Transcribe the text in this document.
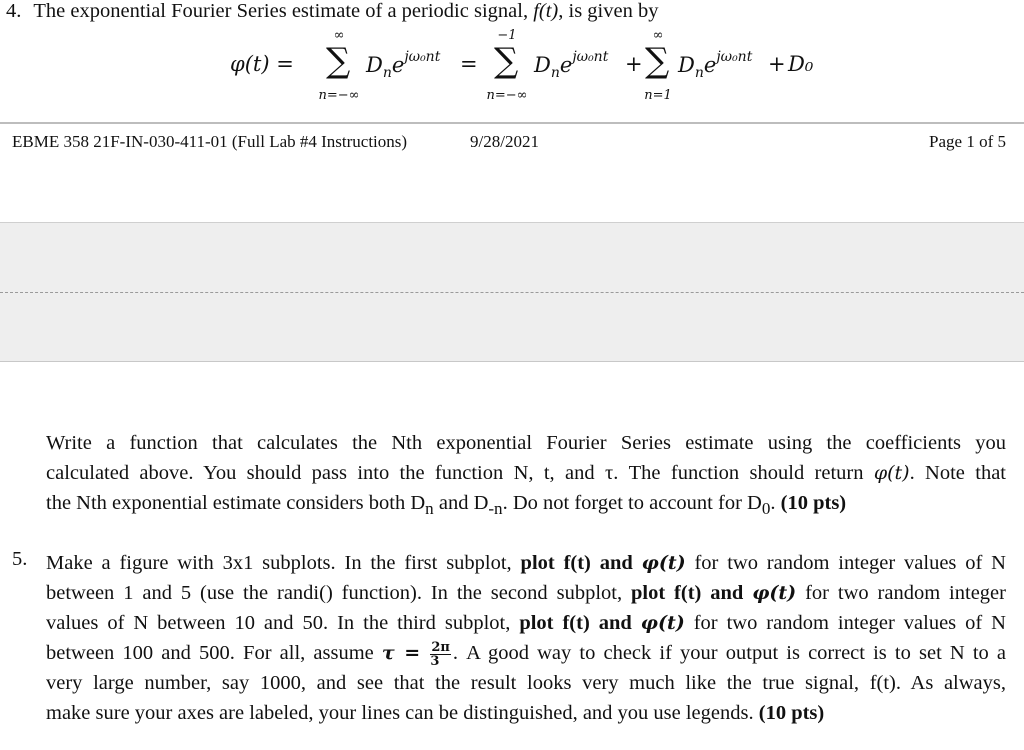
4. The exponential Fourier Series estimate of a periodic signal, f(t), is given by
φ(t) =
∞
∑
n=−∞
$D_ne^{j\omega_0nt}$ =
−1
∑
n=−∞
$D_ne^{j\omega_0nt}$ +
∞
∑
n=1
$D_ne^{j\omega_0nt} + D_0$
EBME 358 21F-IN-030-411-01 (Full Lab #4 Instructions)	9/28/2021	Page 1 of 5
Write a function that calculates the Nth exponential Fourier Series estimate using the coefficients you
calculated above. You should pass into the function N, t, and τ. The function should return φ(t). Note that
the Nth exponential estimate considers both $D_n$ and $D_{-n}$. Do not forget to account for $D_0$. (10 pts)
5. Make a figure with 3x1 subplots. In the first subplot, plot f(t) and φ(t) for two random integer values of N
between 1 and 5 (use the randi() function). In the second subplot, plot f(t) and φ(t) for two random integer
values of N between 10 and 50. In the third subplot, plot f(t) and φ(t) for two random integer values of N
between 100 and 500. For all, assume $\tau = \frac{2\pi}{3}$ . A good way to check if your output is correct is to set N to a
very large number, say 1000, and see that the result looks very much like the true signal, f(t). As always,
make sure your axes are labeled, your lines can be distinguished, and you use legends. (10 pts)
